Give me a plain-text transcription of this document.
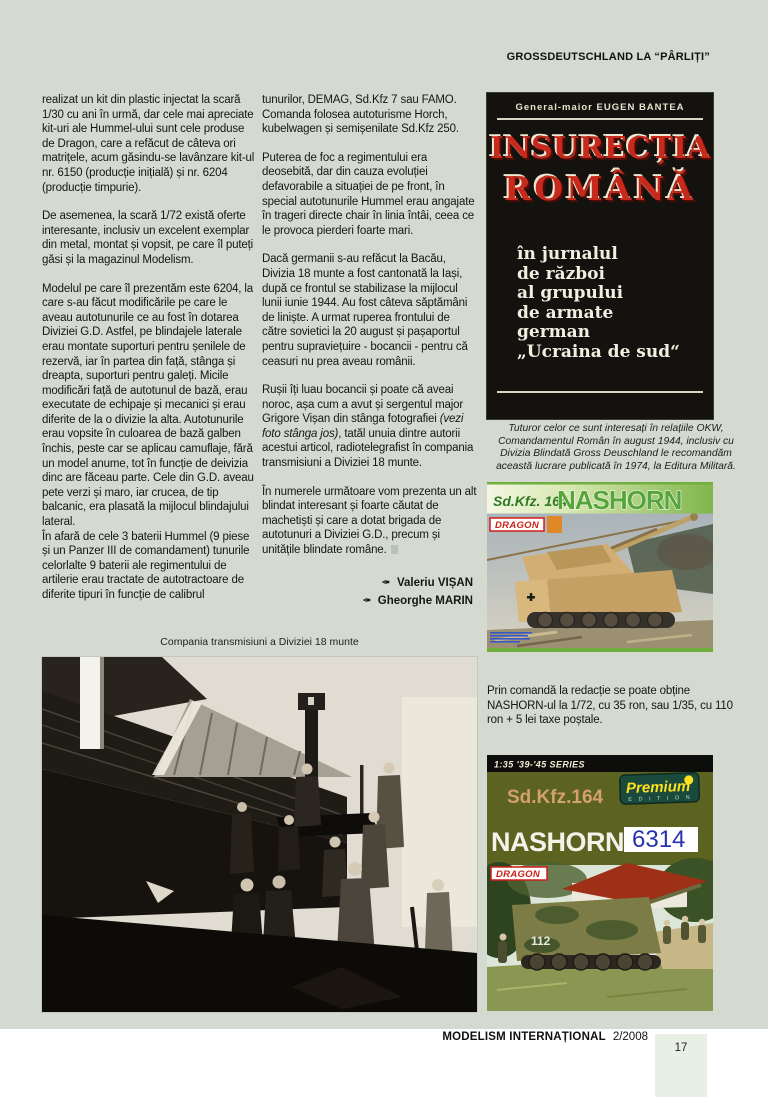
GROSSDEUTSCHLAND LA “PÂRLIȚI”

realizat un kit din plastic injectat la scară 1/30 cu ani în urmă, dar cele mai apreciate kit-uri ale Hummel-ului sunt cele produse de Dragon, care a refăcut de câteva ori matrițele, acum găsindu-se lavânzare kit-ul nr. 6150 (producție inițială) și nr. 6204 (producție timpurie).

De asemenea, la scară 1/72 există oferte interesante, inclusiv un excelent exemplar din metal, montat și vopsit, pe care îl puteți găsi și la magazinul Modelism.

Modelul pe care îl prezentăm este 6204, la care s-au făcut modificările pe care le aveau autotunurile ce au fost în dotarea Diviziei G.D. Astfel, pe blindajele laterale erau montate suporturi pentru șenilele de rezervă, iar în partea din față, stânga și dreapta, suporturi pentru galeți. Micile modificări față de autotunul de bază, erau executate de echipaje și mecanici și erau diferite de la o divizie la alta. Autotunurile erau vopsite în culoarea de bază galben închis, peste car se aplicau camuflaje, fără un model anume, tot în funcție de deivizia dinc are făceau parte. Cele din G.D. aveau pete verzi și maro, iar crucea, de tip balcanic, era plasată la mijlocul blindajului lateral.

În afară de cele 3 baterii Hummel (9 piese și un Panzer III de comandament) tunurile celorlalte 9 baterii ale regimentului de artilerie erau tractate de autotractoare de diferite tipuri în funcție de calibrul

tunurilor, DEMAG, Sd.Kfz 7 sau FAMO. Comanda folosea autoturisme Horch, kubelwagen și semișenilate Sd.Kfz 250.

Puterea de foc a regimentului era deosebită, dar din cauza evoluției defavorabile a situației de pe front, în special autotunurile Hummel erau angajate în trageri directe chair în linia întâi, ceea ce le provoca pierderi foarte mari.

Dacă germanii s-au refăcut la Bacău, Divizia 18 munte a fost cantonată la Iași, după ce frontul se stabilizase la mijlocul lunii iunie 1944. Au fost câteva săptămâni de liniște. A urmat ruperea frontului de către sovietici la 20 august și pașaportul pentru supraviețuire - bocancii - pentru că ceasuri nu prea aveau românii.

Rușii îți luau bocancii și poate că aveai noroc, așa cum a avut și sergentul major Grigore Vișan din stânga fotografiei (vezi foto stânga jos), tatăl unuia dintre autorii acestui articol, radiotelegrafist în compania transmisiuni a Diviziei 18 munte.

În numerele următoare vom prezenta un alt blindat interesant și foarte căutat de machetiști și care a dotat brigada de autotunuri a Diviziei G.D., precum și unitățile blindate române.

✒ Valeriu VIȘAN
✒ Gheorghe MARIN
General-maior EUGEN BANTEA
INSURECȚIA
ROMÂNĂ
în jurnalul
de război
al grupului
de armate
german
„Ucraina de sud“
Tuturor celor ce sunt interesați în relațiile OKW, Comandamentul Român în august 1944, inclusiv cu Divizia Blindată Gross Deuschland le recomandăm această lucrare publicată în 1974, la Editura Militară.
Sd.Kfz. 164
NASHORN
DRAGON
Prin comandă la redacție se poate obține NASHORN-ul la 1/72, cu 35 ron, sau 1/35, cu 110 ron + 5 lei taxe poștale.
1:35 '39-'45 SERIES
Sd.Kfz.164
NASHORN
Premium
E D I T I O N
6314
112
DRAGON
Compania transmisiuni a Diviziei 18 munte
MODELISM INTERNAȚIONAL 2/2008
17
